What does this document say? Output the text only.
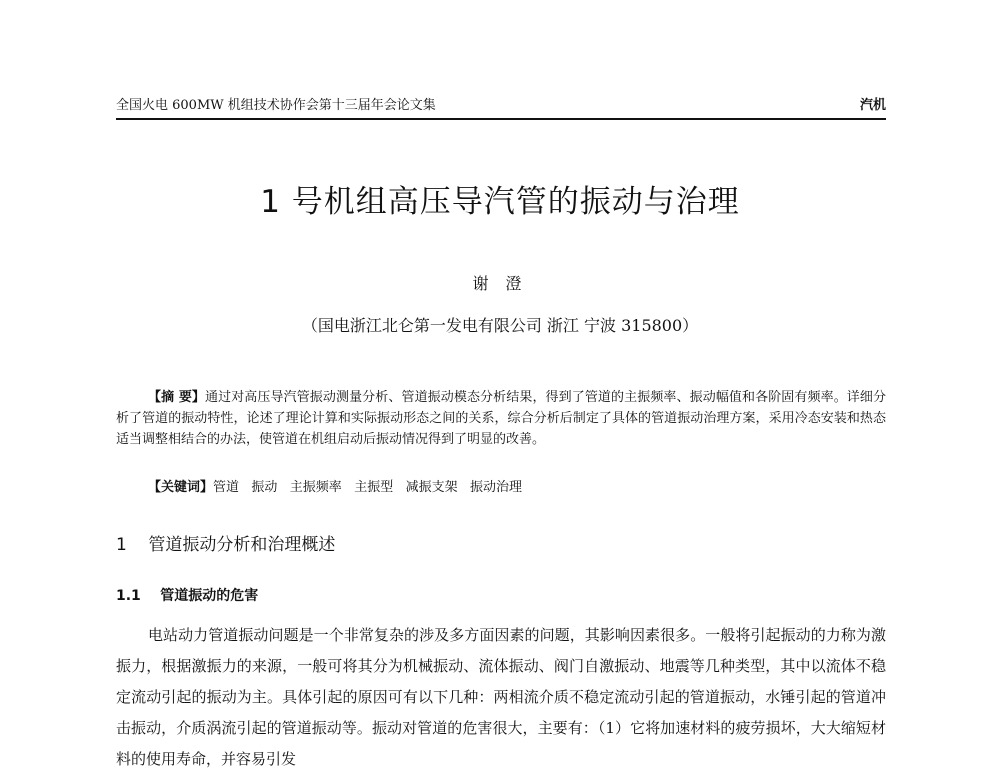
全国火电 600MW 机组技术协作会第十三届年会论文集	汽机
1 号机组高压导汽管的振动与治理
谢 澄
（国电浙江北仑第一发电有限公司 浙江 宁波 315800）

【摘 要】通过对高压导汽管振动测量分析、管道振动模态分析结果，得到了管道的主振频率、振动幅值和各阶固有频率。详细分析了管道的振动特性，论述了理论计算和实际振动形态之间的关系，综合分析后制定了具体的管道振动治理方案，采用冷态安装和热态适当调整相结合的办法，使管道在机组启动后振动情况得到了明显的改善。

【关键词】管道   振动   主振频率   主振型   减振支架   振动治理
1    管道振动分析和治理概述
1.1    管道振动的危害

电站动力管道振动问题是一个非常复杂的涉及多方面因素的问题，其影响因素很多。一般将引起振动的力称为激振力，根据激振力的来源，一般可将其分为机械振动、流体振动、阀门自激振动、地震等几种类型，其中以流体不稳定流动引起的振动为主。具体引起的原因可有以下几种：两相流介质不稳定流动引起的管道振动，水锤引起的管道冲击振动，介质涡流引起的管道振动等。振动对管道的危害很大，主要有：（1）它将加速材料的疲劳损坏，大大缩短材料的使用寿命，并容易引发
